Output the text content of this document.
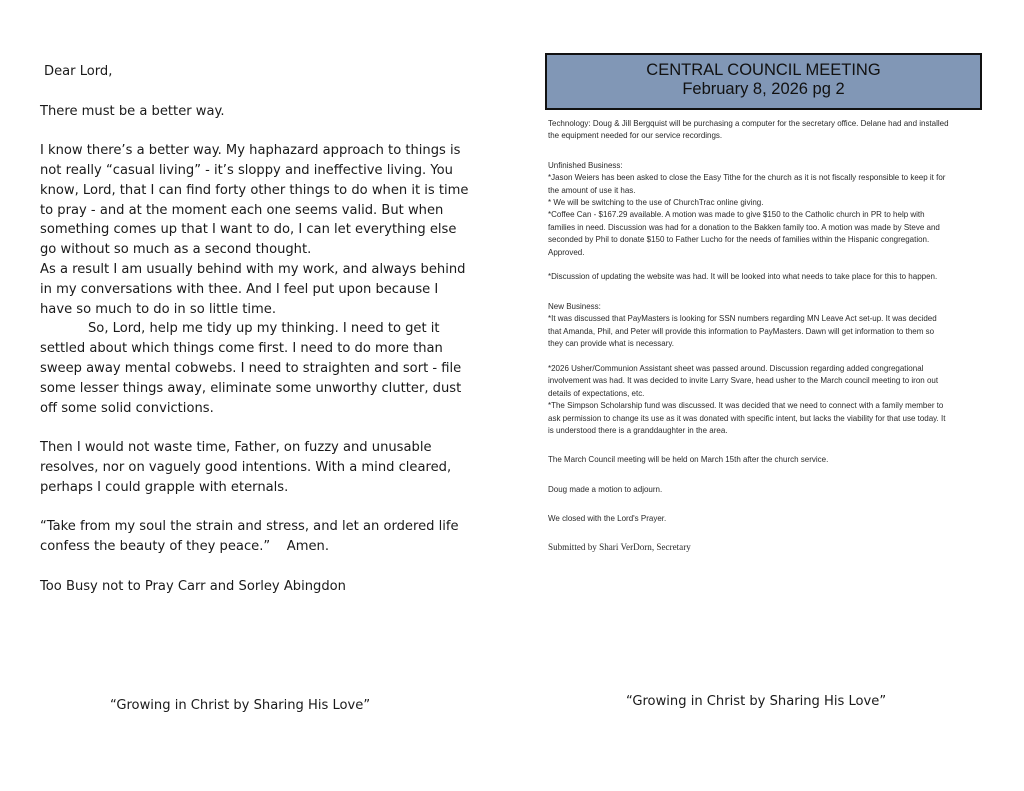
Dear Lord,

There must be a better way.

I know there’s a better way. My haphazard approach to things is not really “casual living” - it’s sloppy and ineffective living. You know, Lord, that I can find forty other things to do when it is time to pray - and at the moment each one seems valid. But when something comes up that I want to do, I can let everything else go without so much as a second thought.

As a result I am usually behind with my work, and always behind in my conversations with thee. And I feel put upon because I have so much to do in so little time.

So, Lord, help me tidy up my thinking. I need to get it settled about which things come first. I need to do more than sweep away mental cobwebs. I need to straighten and sort - file some lesser things away, eliminate some unworthy clutter, dust off some solid convictions.

Then I would not waste time, Father, on fuzzy and unusable resolves, nor on vaguely good intentions. With a mind cleared, perhaps I could grapple with eternals.

“Take from my soul the strain and stress, and let an ordered life confess the beauty of they peace.”    Amen.

Too Busy not to Pray Carr and Sorley Abingdon

“Growing in Christ by Sharing His Love”
CENTRAL COUNCIL MEETING
February 8, 2026 pg 2

Technology: Doug & Jill Bergquist will be purchasing a computer for the secretary office. Delane had and installed the equipment needed for our service recordings.

Unfinished Business:

*Jason Weiers has been asked to close the Easy Tithe for the church as it is not fiscally responsible to keep it for the amount of use it has.

* We will be switching to the use of ChurchTrac online giving.

*Coffee Can - $167.29 available. A motion was made to give $150 to the Catholic church in PR to help with families in need. Discussion was had for a donation to the Bakken family too. A motion was made by Steve and seconded by Phil to donate $150 to Father Lucho for the needs of families within the Hispanic congregation. Approved.

*Discussion of updating the website was had. It will be looked into what needs to take place for this to happen.

New Business:

*It was discussed that PayMasters is looking for SSN numbers regarding MN Leave Act set-up. It was decided that Amanda, Phil, and Peter will provide this information to PayMasters. Dawn will get information to them so they can provide what is necessary.

*2026 Usher/Communion Assistant sheet was passed around. Discussion regarding added congregational involvement was had. It was decided to invite Larry Svare, head usher to the March council meeting to iron out details of expectations, etc.

*The Simpson Scholarship fund was discussed. It was decided that we need to connect with a family member to ask permission to change its use as it was donated with specific intent, but lacks the viability for that use today. It is understood there is a granddaughter in the area.

The March Council meeting will be held on March 15th after the church service.

Doug made a motion to adjourn.

We closed with the Lord's Prayer.

Submitted by Shari VerDorn, Secretary

“Growing in Christ by Sharing His Love”
